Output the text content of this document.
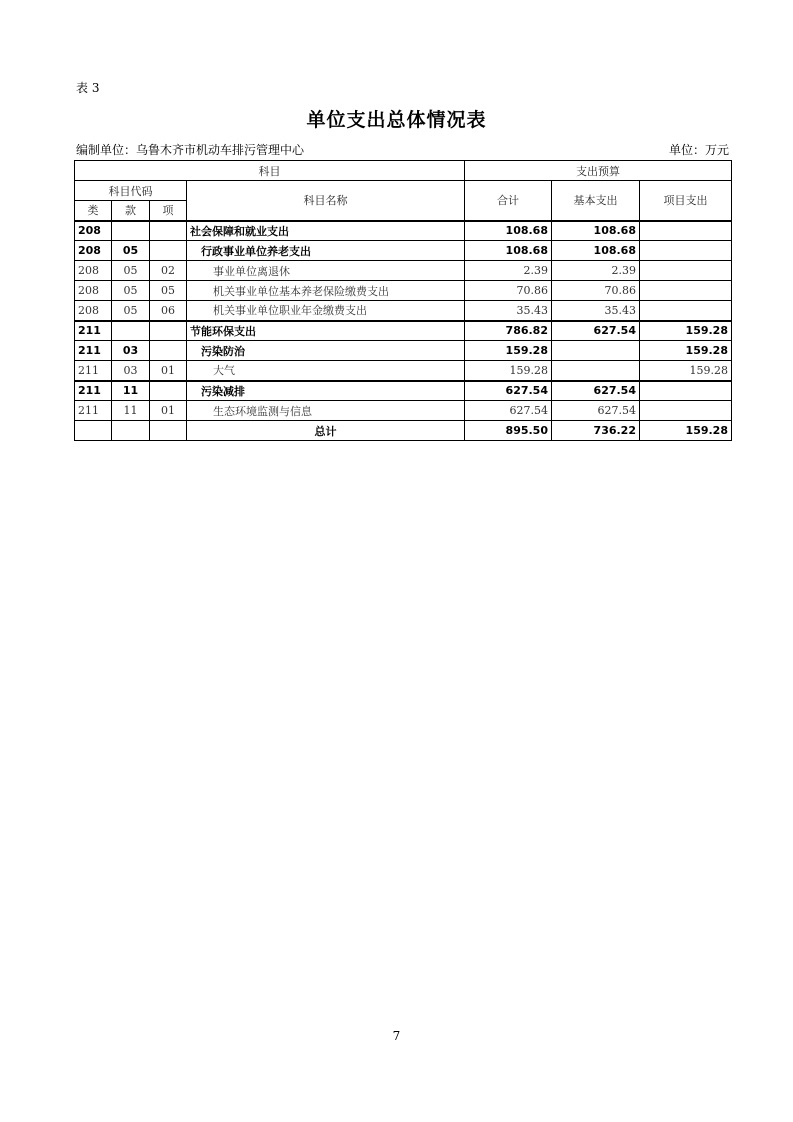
表 3
单位支出总体情况表
编制单位：乌鲁木齐市机动车排污管理中心	单位：万元
科目				支出预算		
科目代码			科目名称	合计	基本支出	项目支出
类	款	项				
208			社会保障和就业支出	108.68	108.68	
208	05		行政事业单位养老支出	108.68	108.68	
208	05	02	事业单位离退休	2.39	2.39	
208	05	05	机关事业单位基本养老保险缴费支出	70.86	70.86	
208	05	06	机关事业单位职业年金缴费支出	35.43	35.43	
211			节能环保支出	786.82	627.54	159.28
211	03		污染防治	159.28		159.28
211	03	01	大气	159.28		159.28
211	11		污染减排	627.54	627.54	
211	11	01	生态环境监测与信息	627.54	627.54	
			总计	895.50	736.22	159.28
7
